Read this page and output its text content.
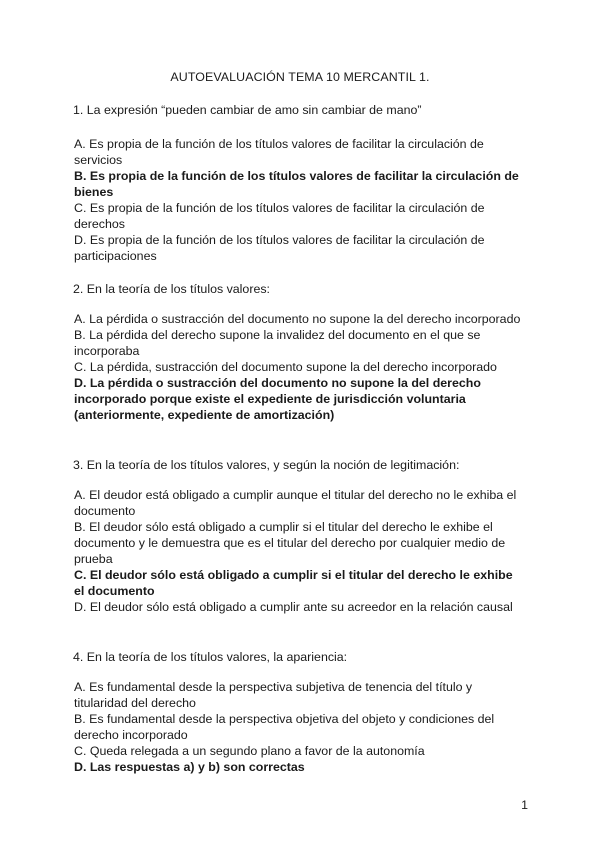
AUTOEVALUACIÓN TEMA 10 MERCANTIL 1.
1. La expresión “pueden cambiar de amo sin cambiar de mano”

A. Es propia de la función de los títulos valores de facilitar la circulación de servicios

B. Es propia de la función de los títulos valores de facilitar la circulación de bienes

C. Es propia de la función de los títulos valores de facilitar la circulación de derechos

D. Es propia de la función de los títulos valores de facilitar la circulación de participaciones

2. En la teoría de los títulos valores:

A. La pérdida o sustracción del documento no supone la del derecho incorporado

B. La pérdida del derecho supone la invalidez del documento en el que se incorporaba

C. La pérdida, sustracción del documento supone la del derecho incorporado

D. La pérdida o sustracción del documento no supone la del derecho incorporado porque existe el expediente de jurisdicción voluntaria (anteriormente, expediente de amortización)

3. En la teoría de los títulos valores, y según la noción de legitimación:

A. El deudor está obligado a cumplir aunque el titular del derecho no le exhiba el documento

B. El deudor sólo está obligado a cumplir si el titular del derecho le exhibe el documento y le demuestra que es el titular del derecho por cualquier medio de prueba

C. El deudor sólo está obligado a cumplir si el titular del derecho le exhibe el documento

D. El deudor sólo está obligado a cumplir ante su acreedor en la relación causal

4. En la teoría de los títulos valores, la apariencia:

A. Es fundamental desde la perspectiva subjetiva de tenencia del título y titularidad del derecho

B. Es fundamental desde la perspectiva objetiva del objeto y condiciones del derecho incorporado

C. Queda relegada a un segundo plano a favor de la autonomía

D. Las respuestas a) y b) son correctas

1
